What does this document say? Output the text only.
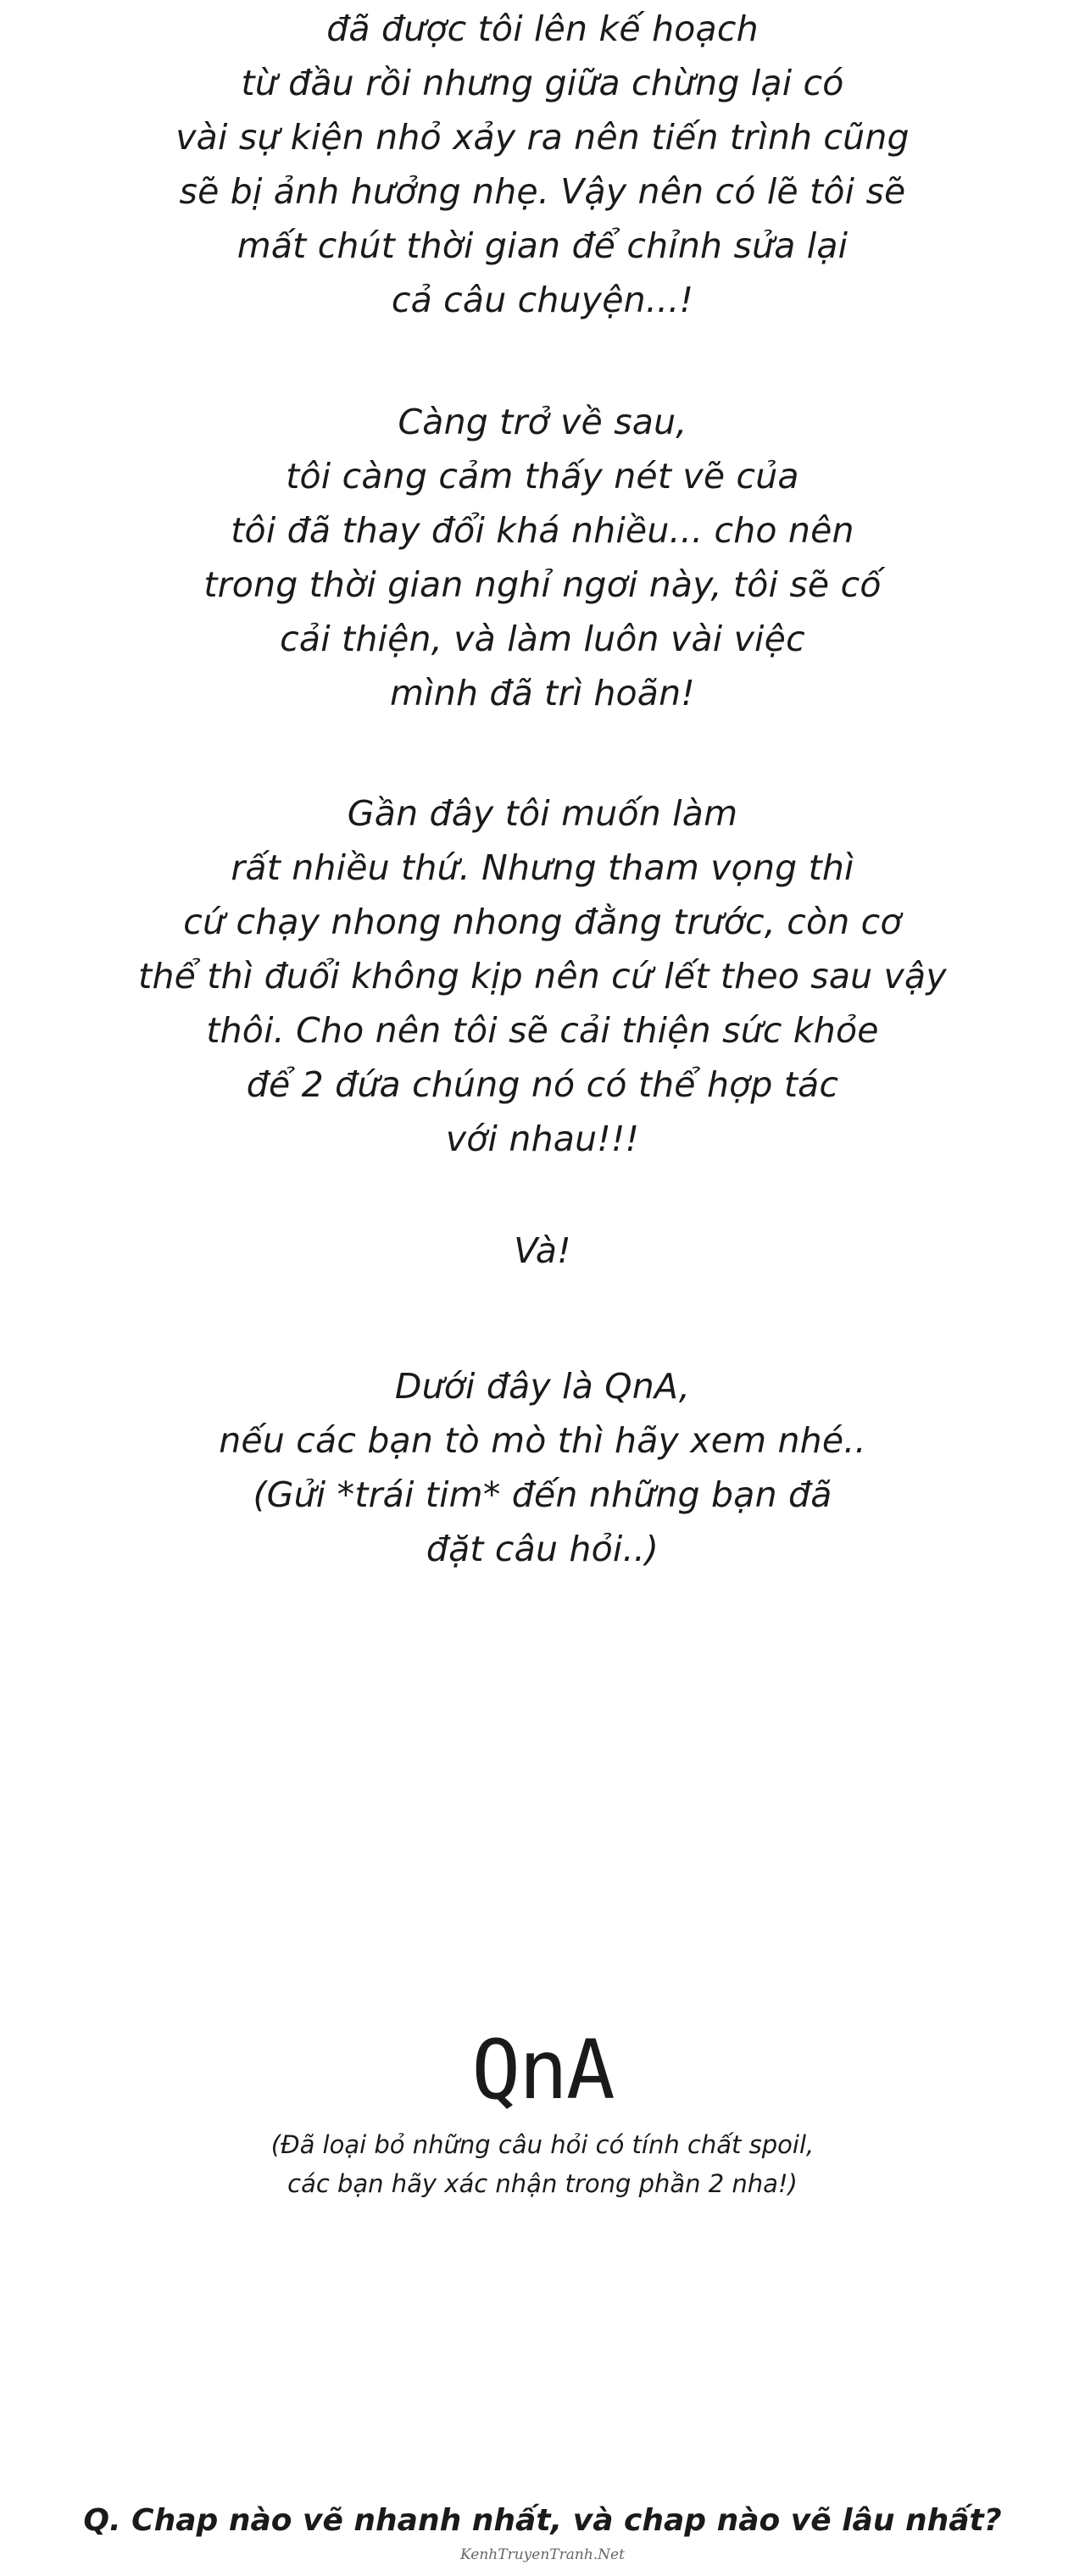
đã được tôi lên kế hoạch
từ đầu rồi nhưng giữa chừng lại có
vài sự kiện nhỏ xảy ra nên tiến trình cũng
sẽ bị ảnh hưởng nhẹ. Vậy nên có lẽ tôi sẽ
mất chút thời gian để chỉnh sửa lại
cả câu chuyện...!
Càng trở về sau,
tôi càng cảm thấy nét vẽ của
tôi đã thay đổi khá nhiều... cho nên
trong thời gian nghỉ ngơi này, tôi sẽ cố
cải thiện, và làm luôn vài việc
mình đã trì hoãn!
Gần đây tôi muốn làm
rất nhiều thứ. Nhưng tham vọng thì
cứ chạy nhong nhong đằng trước, còn cơ
thể thì đuổi không kịp nên cứ lết theo sau vậy
thôi. Cho nên tôi sẽ cải thiện sức khỏe
để 2 đứa chúng nó có thể hợp tác
với nhau!!!
Và!
Dưới đây là QnA,
nếu các bạn tò mò thì hãy xem nhé..
(Gửi *trái tim* đến những bạn đã
đặt câu hỏi..)
QnA
(Đã loại bỏ những câu hỏi có tính chất spoil,
các bạn hãy xác nhận trong phần 2 nha!)
Q. Chap nào vẽ nhanh nhất, và chap nào vẽ lâu nhất?
KenhTruyenTranh.Net
